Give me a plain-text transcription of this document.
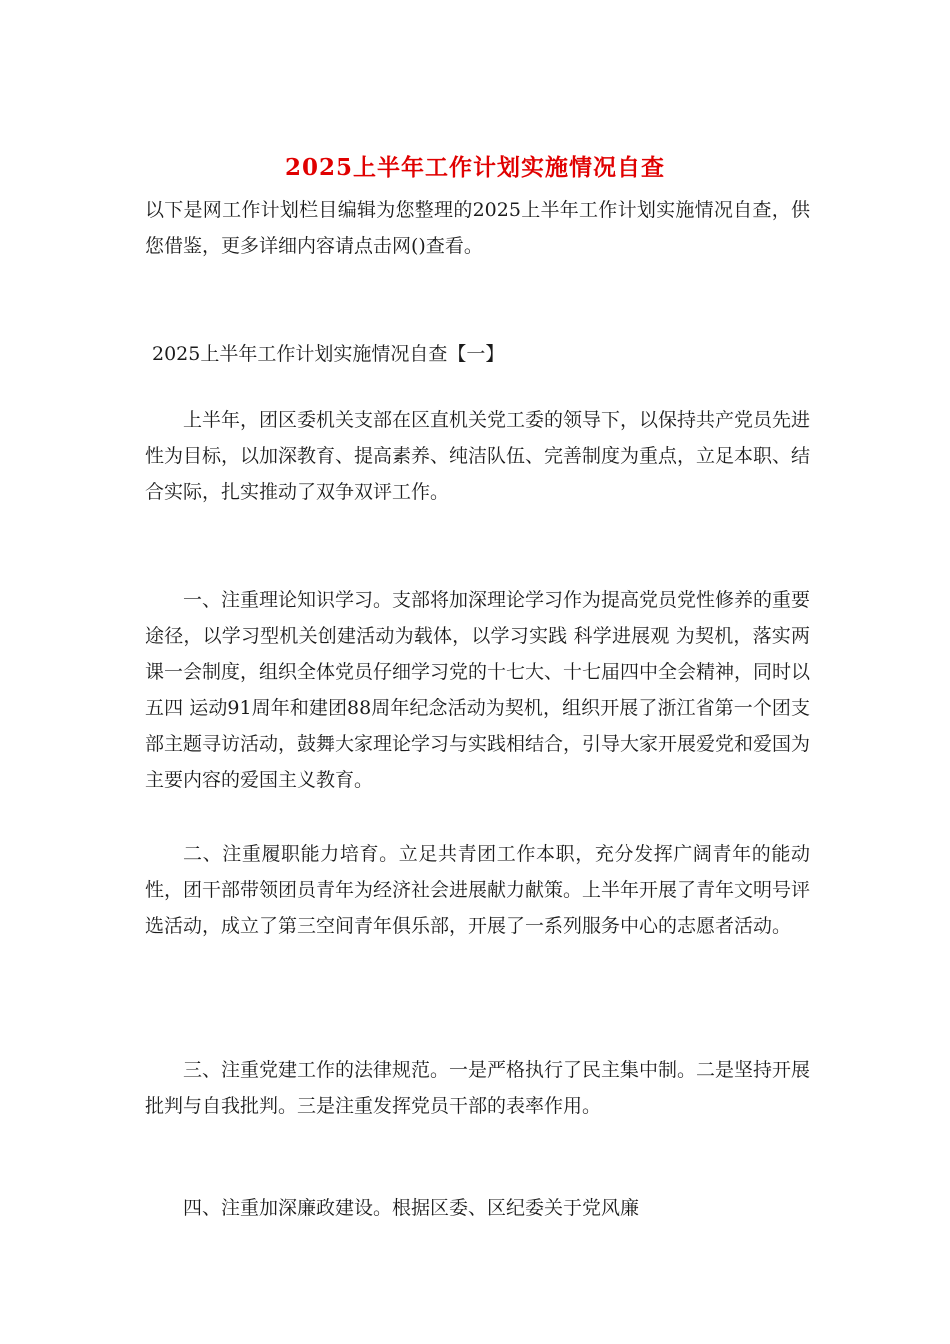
2025上半年工作计划实施情况自查
以下是网工作计划栏目编辑为您整理的2025上半年工作计划实施情况自查，供您借鉴，更多详细内容请点击网()查看。
2025上半年工作计划实施情况自查【一】
上半年，团区委机关支部在区直机关党工委的领导下，以保持共产党员先进性为目标，以加深教育、提高素养、纯洁队伍、完善制度为重点，立足本职、结合实际，扎实推动了双争双评工作。
一、注重理论知识学习。支部将加深理论学习作为提高党员党性修养的重要途径，以学习型机关创建活动为载体，以学习实践 科学进展观 为契机，落实两课一会制度，组织全体党员仔细学习党的十七大、十七届四中全会精神，同时以 五四 运动91周年和建团88周年纪念活动为契机，组织开展了浙江省第一个团支部主题寻访活动，鼓舞大家理论学习与实践相结合，引导大家开展爱党和爱国为主要内容的爱国主义教育。
二、注重履职能力培育。立足共青团工作本职，充分发挥广阔青年的能动性，团干部带领团员青年为经济社会进展献力献策。上半年开展了青年文明号评选活动，成立了第三空间青年俱乐部，开展了一系列服务中心的志愿者活动。
三、注重党建工作的法律规范。一是严格执行了民主集中制。二是坚持开展批判与自我批判。三是注重发挥党员干部的表率作用。
四、注重加深廉政建设。根据区委、区纪委关于党风廉
